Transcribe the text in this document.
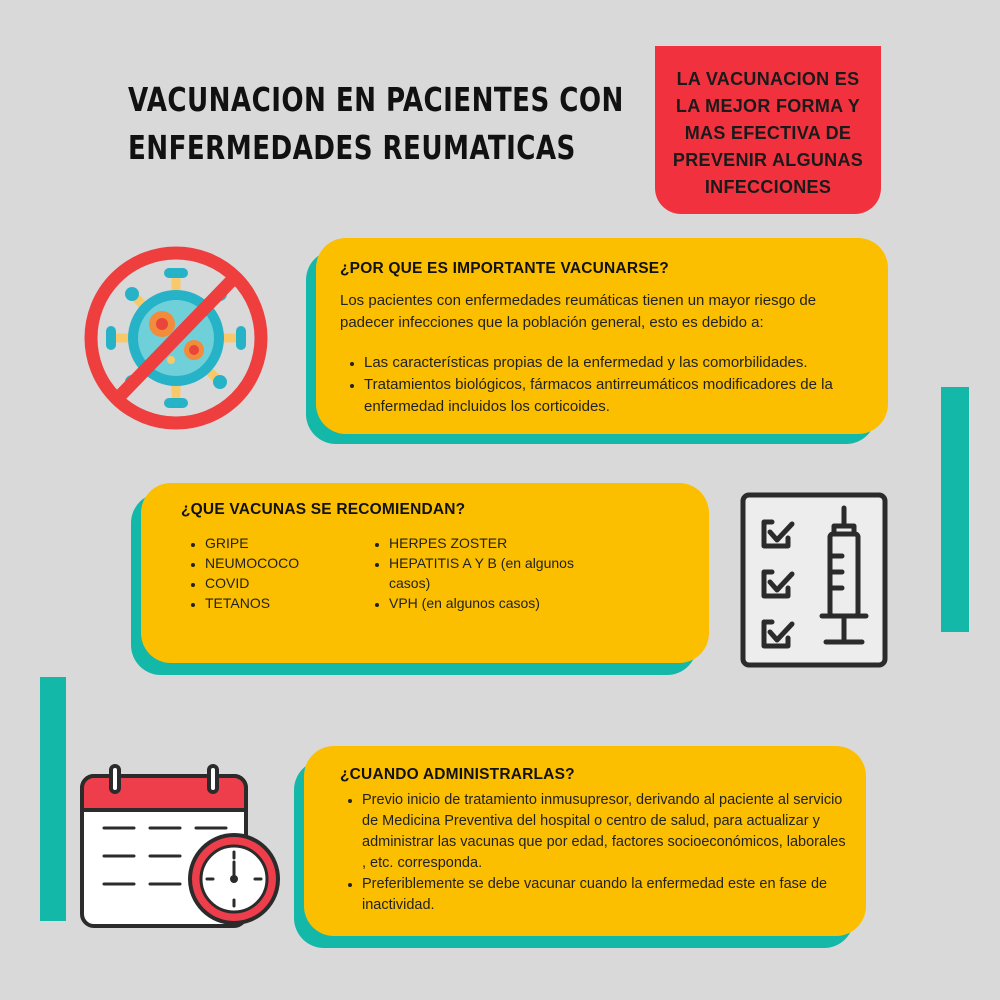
VACUNACION EN PACIENTES CON
ENFERMEDADES REUMATICAS
LA VACUNACION ES
LA MEJOR FORMA Y
MAS EFECTIVA DE
PREVENIR ALGUNAS
INFECCIONES
¿POR QUE ES IMPORTANTE VACUNARSE?

Los pacientes con enfermedades reumáticas tienen un mayor riesgo de padecer infecciones que la población general, esto es debido a:

• Las características propias de la enfermedad y las comorbilidades.
• Tratamientos biológicos, fármacos antirreumáticos modificadores de la enfermedad incluidos los corticoides.
¿QUE VACUNAS SE RECOMIENDAN?
• GRIPE
• NEUMOCOCO
• COVID
• TETANOS
• HERPES ZOSTER
• HEPATITIS A Y B (en algunos casos)
• VPH (en algunos casos)
¿CUANDO ADMINISTRARLAS?
• Previo inicio de tratamiento inmusupresor, derivando al paciente al servicio de Medicina Preventiva del hospital o centro de salud, para actualizar y administrar las vacunas que por edad, factores socioeconómicos, laborales , etc. corresponda.
• Preferiblemente se debe vacunar cuando la enfermedad este en fase de inactividad.
